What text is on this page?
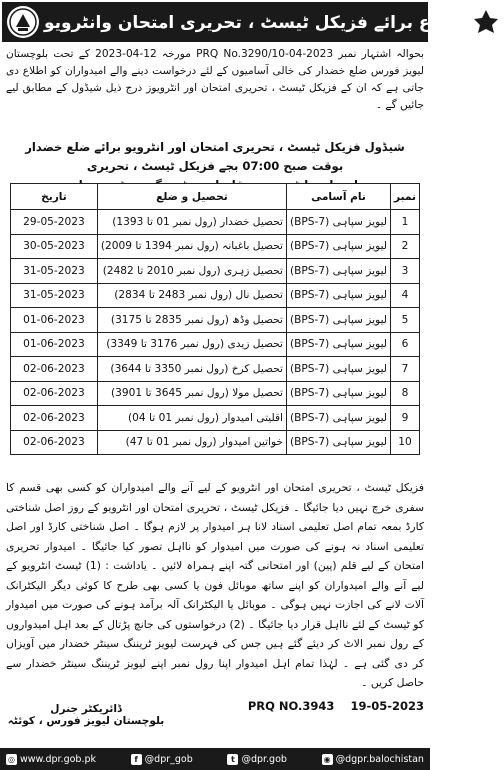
اطلاع برائے فزیکل ٹیسٹ ، تحریری امتحان وانٹرویو
بحوالہ اشتہار نمبر PRQ No.3290/10-04-2023 مورخہ 12-04-2023 کے تحت بلوچستان لیویز فورس ضلع خضدار کی خالی آسامیوں کے لئے درخواست دینے والے امیدواران کو اطلاع دی جاتی ہے کہ ان کے فزیکل ٹیسٹ ، تحریری امتحان اور انٹرویوز درج ذیل شیڈول کے مطابق لیے جائیں گے ۔
شیڈول فزیکل ٹیسٹ ، تحریری امتحان اور انٹرویو برائے ضلع خضدار بوقت صبح 07:00 بجے فزیکل ٹیسٹ ، تحریری
نمبر	نام آسامی	تحصیل و ضلع	تاریخ
1	لیویز سپاہی (BPS-7)	تحصیل خضدار (رول نمبر 01 تا 1393)	29-05-2023
2	لیویز سپاہی (BPS-7)	تحصیل باغبانہ (رول نمبر 1394 تا 2009)	30-05-2023
3	لیویز سپاہی (BPS-7)	تحصیل زہری (رول نمبر 2010 تا 2482)	31-05-2023
4	لیویز سپاہی (BPS-7)	تحصیل نال (رول نمبر 2483 تا 2834)	31-05-2023
5	لیویز سپاہی (BPS-7)	تحصیل وڈھ (رول نمبر 2835 تا 3175)	01-06-2023
6	لیویز سپاہی (BPS-7)	تحصیل زیدی (رول نمبر 3176 تا 3349)	01-06-2023
7	لیویز سپاہی (BPS-7)	تحصیل کرخ (رول نمبر 3350 تا 3644)	02-06-2023
8	لیویز سپاہی (BPS-7)	تحصیل مولا (رول نمبر 3645 تا 3901)	02-06-2023
9	لیویز سپاہی (BPS-7)	اقلیتی امیدوار (رول نمبر 01 تا 04)	02-06-2023
10	لیویز سپاہی (BPS-7)	خواتین امیدوار (رول نمبر 01 تا 47)	02-06-2023

فزیکل ٹیسٹ ، تحریری امتحان اور انٹرویو کے لیے آنے والے امیدواران کو کسی بھی قسم کا سفری خرچ نہیں دیا جائیگا ۔ فزیکل ٹیسٹ ، تحریری امتحان اور انٹرویو کے روز اصل شناختی کارڈ بمعہ تمام اصل تعلیمی اسناد لانا ہر امیدوار پر لازم ہوگا ۔ اصل شناختی کارڈ اور اصل تعلیمی اسناد نہ ہونے کی صورت میں امیدوار کو نااہل تصور کیا جائیگا ۔ امیدوار تحریری امتحان کے لیے قلم (پین) اور امتحانی گتہ اپنے ہمراہ لائیں ۔ یاداشت : (1) ٹیسٹ انٹرویو کے لیے آنے والے امیدواران کو اپنے ساتھ موبائل فون یا کسی بھی طرح کا کوئی دیگر الیکٹرانک آلات لانے کی اجازت نہیں ہوگی ۔ موبائل یا الیکٹرانک آلہ برآمد ہونے کی صورت میں امیدوار کو ٹیسٹ کے لئے نااہل قرار دیا جائیگا ۔ (2) درخواستوں کی جانچ پڑتال کے بعد اہل امیدواروں کے رول نمبر الاٹ کر دیئے گئے ہیں جس کی فہرست لیویز ٹریننگ سینٹر خضدار میں آویزاں کر دی گئی ہے ۔ لہٰذا تمام اہل امیدوار اپنا رول نمبر اپنے لیویز ٹریننگ سینٹر خضدار سے حاصل کریں ۔

ڈائریکٹر جنرل
بلوچستان لیویز فورس ، کوئٹہ
PRQ NO.3943 19-05-2023
◎ www.dpr.gob.pk	f @dpr_gob	t @dpr.gob	◉ @dgpr.balochistan
